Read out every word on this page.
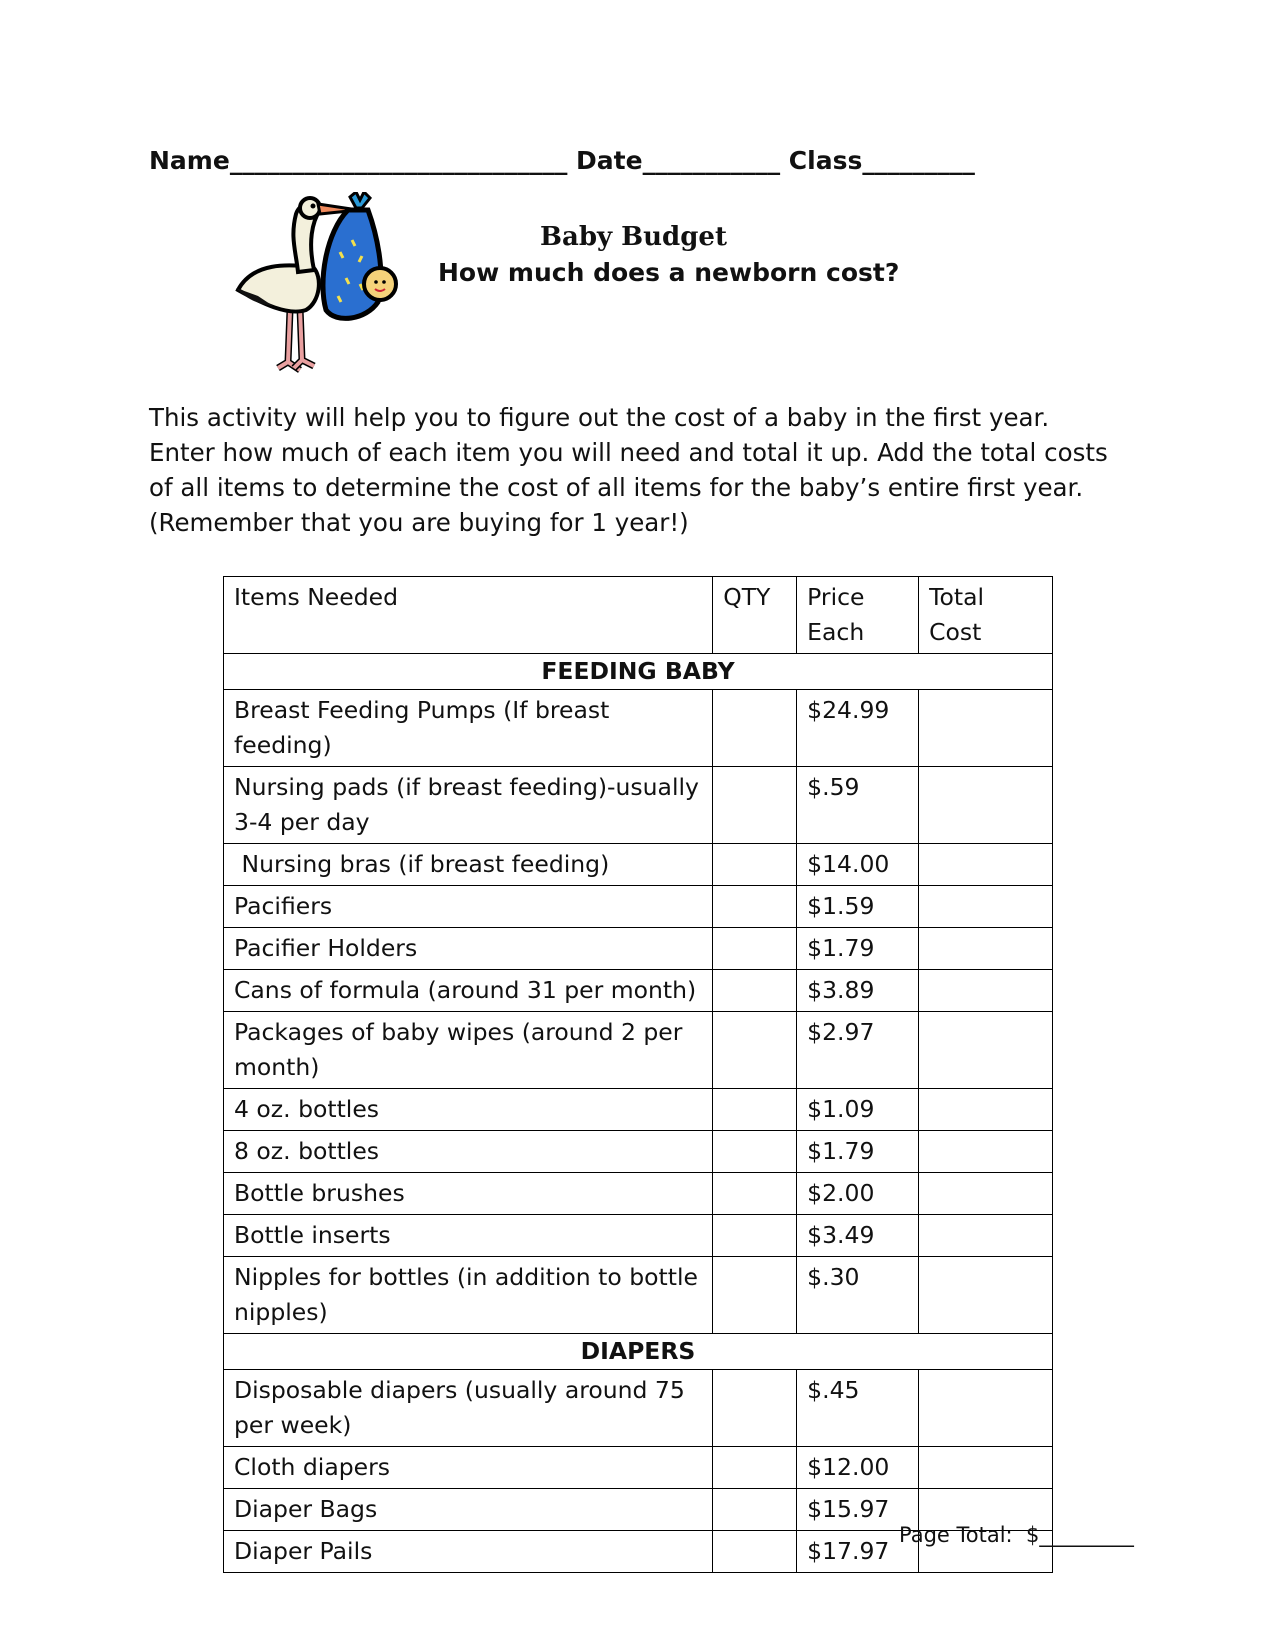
Name___________________________ Date___________ Class_________
Baby Budget
How much does a newborn cost?

This activity will help you to figure out the cost of a baby in the first year. Enter how much of each item you will need and total it up. Add the total costs of all items to determine the cost of all items for the baby’s entire first year. (Remember that you are buying for 1 year!)

Items Needed	QTY	Price Each	Total Cost
FEEDING BABY			
Breast Feeding Pumps (If breast feeding)		$24.99	
Nursing pads (if breast feeding)-usually 3-4 per day		$.59	
Nursing bras (if breast feeding)		$14.00	
Pacifiers		$1.59	
Pacifier Holders		$1.79	
Cans of formula (around 31 per month)		$3.89	
Packages of baby wipes (around 2 per month)		$2.97	
4 oz. bottles		$1.09	
8 oz. bottles		$1.79	
Bottle brushes		$2.00	
Bottle inserts		$3.49	
Nipples for bottles (in addition to bottle nipples)		$.30	
DIAPERS			
Disposable diapers (usually around 75 per week)		$.45	
Cloth diapers		$12.00	
Diaper Bags		$15.97	
Diaper Pails		$17.97	
Page Total: $_________
